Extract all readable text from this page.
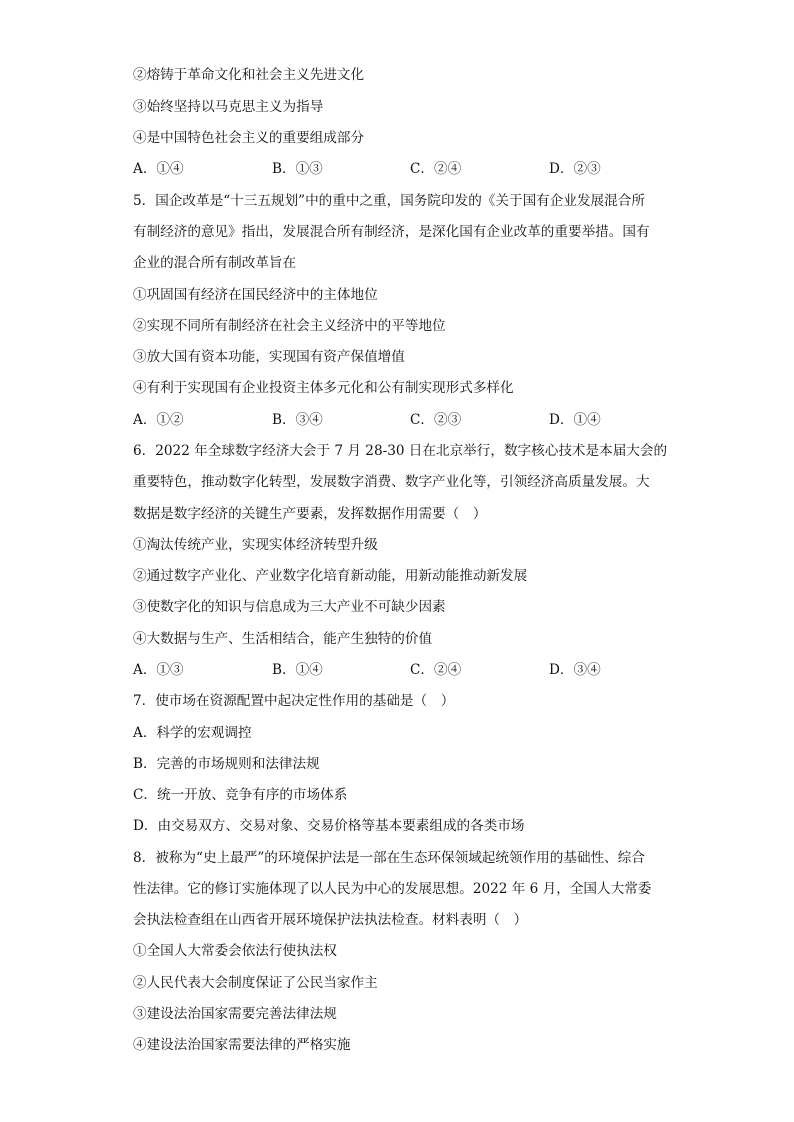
②熔铸于革命文化和社会主义先进文化
③始终坚持以马克思主义为指导
④是中国特色社会主义的重要组成部分
A．①④	B．①③	C．②④	D．②③
5．国企改革是“十三五规划”中的重中之重，国务院印发的《关于国有企业发展混合所
有制经济的意见》指出，发展混合所有制经济，是深化国有企业改革的重要举措。国有
企业的混合所有制改革旨在
①巩固国有经济在国民经济中的主体地位
②实现不同所有制经济在社会主义经济中的平等地位
③放大国有资本功能，实现国有资产保值增值
④有利于实现国有企业投资主体多元化和公有制实现形式多样化
A．①②	B．③④	C．②③	D．①④
6．2022 年全球数字经济大会于 7 月 28-30 日在北京举行，数字核心技术是本届大会的
重要特色，推动数字化转型，发展数字消费、数字产业化等，引领经济高质量发展。大
数据是数字经济的关键生产要素，发挥数据作用需要（　）
①淘汰传统产业，实现实体经济转型升级
②通过数字产业化、产业数字化培育新动能，用新动能推动新发展
③使数字化的知识与信息成为三大产业不可缺少因素
④大数据与生产、生活相结合，能产生独特的价值
A．①③	B．①④	C．②④	D．③④
7．使市场在资源配置中起决定性作用的基础是（　）
A．科学的宏观调控
B．完善的市场规则和法律法规
C．统一开放、竞争有序的市场体系
D．由交易双方、交易对象、交易价格等基本要素组成的各类市场
8．被称为“史上最严”的环境保护法是一部在生态环保领域起统领作用的基础性、综合
性法律。它的修订实施体现了以人民为中心的发展思想。2022 年 6 月，全国人大常委
会执法检查组在山西省开展环境保护法执法检查。材料表明（　）
①全国人大常委会依法行使执法权
②人民代表大会制度保证了公民当家作主
③建设法治国家需要完善法律法规
④建设法治国家需要法律的严格实施
